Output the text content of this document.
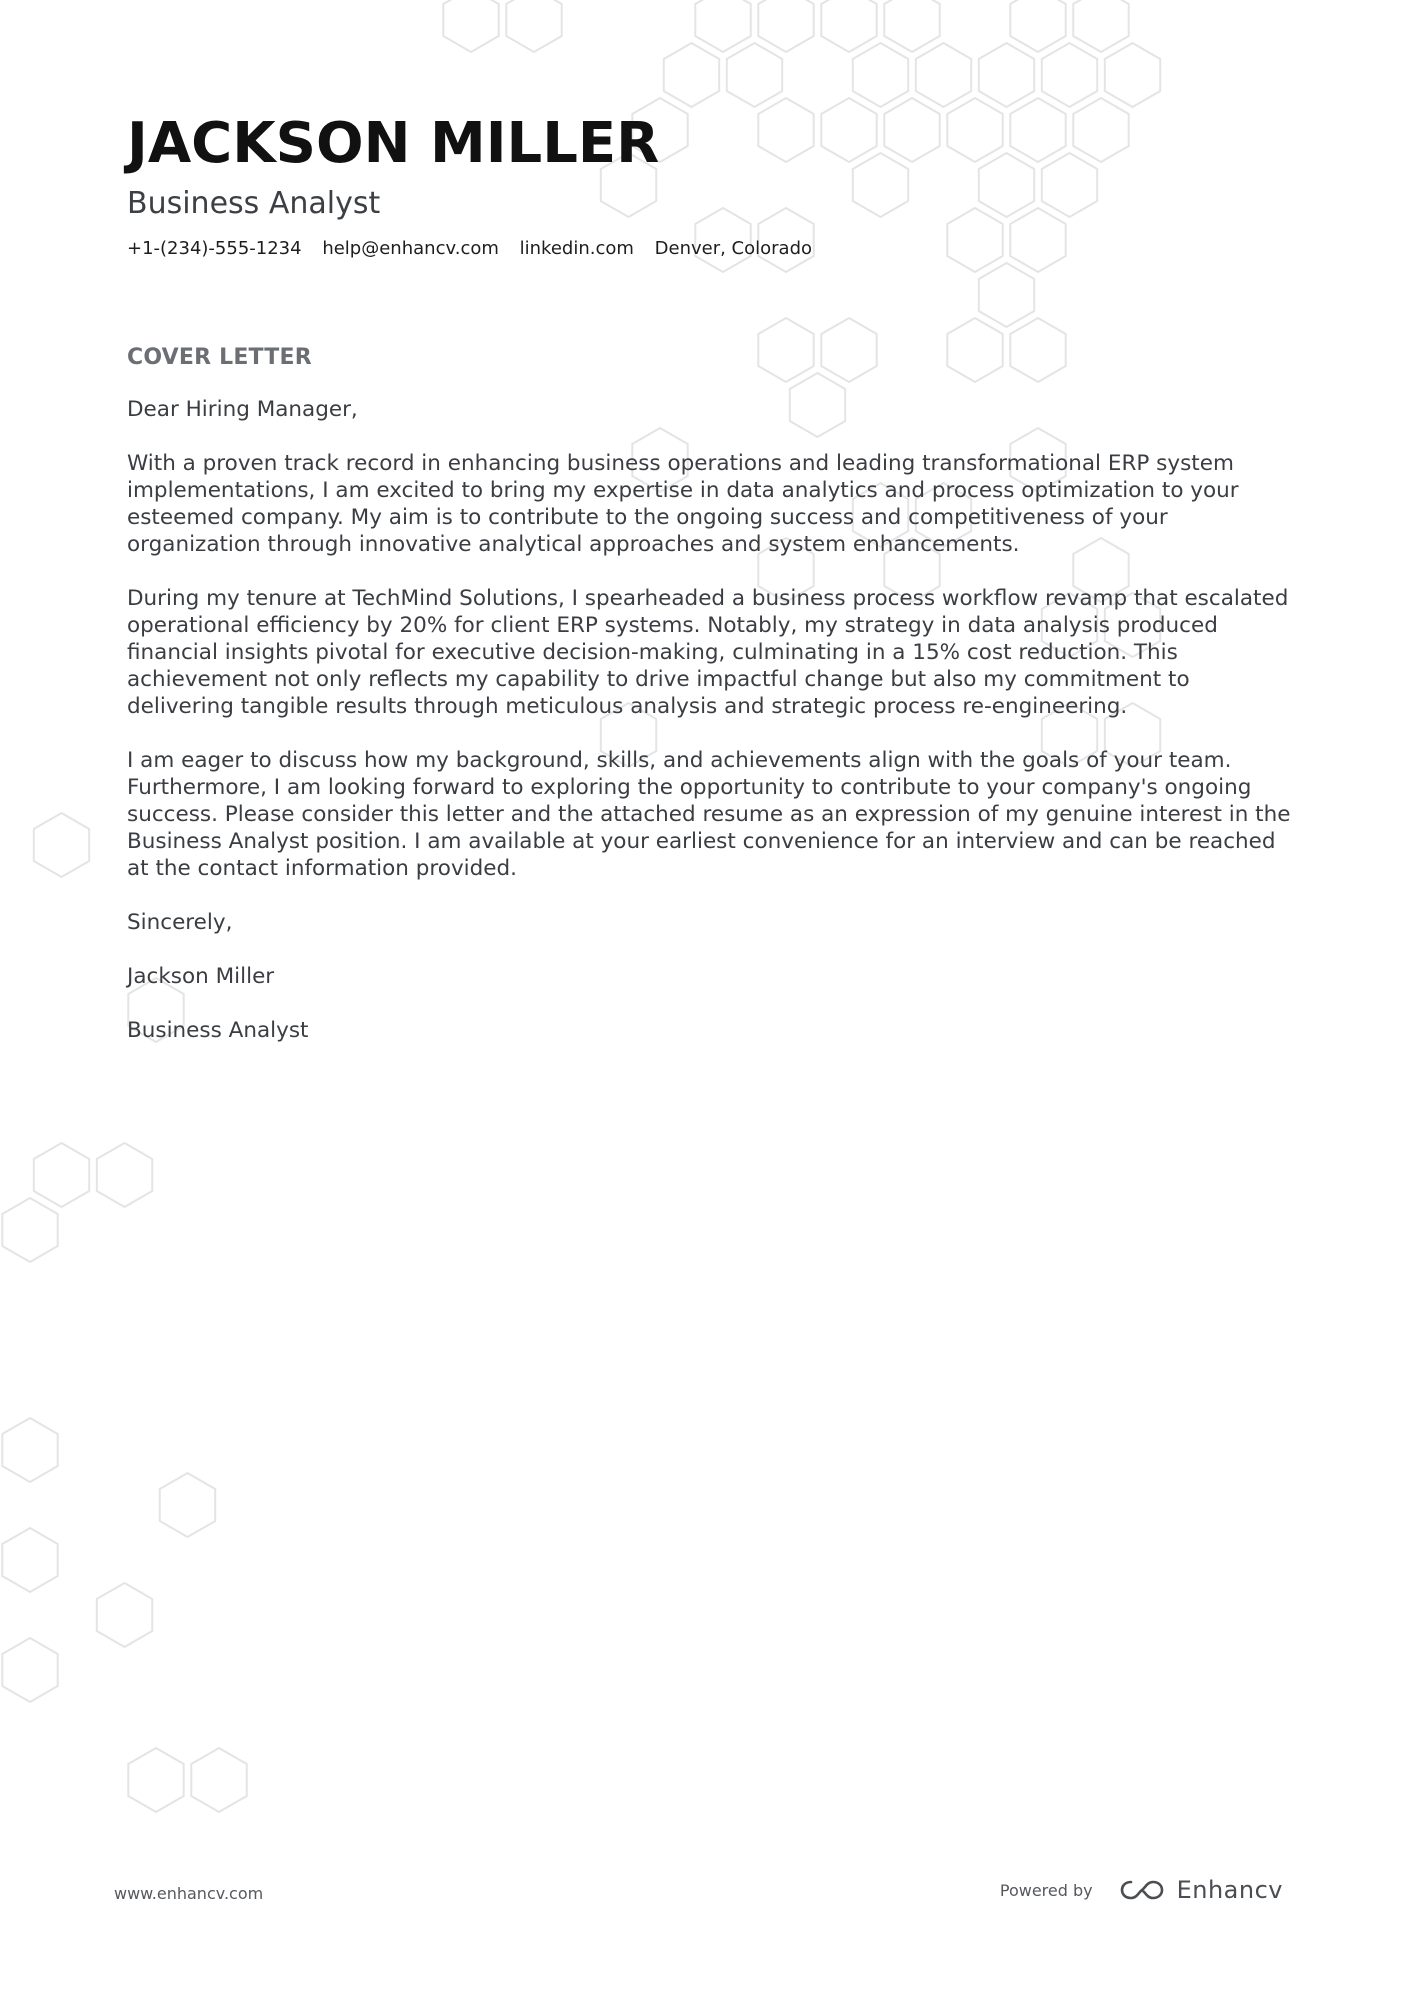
JACKSON MILLER
Business Analyst
+1-(234)-555-1234 help@enhancv.com linkedin.com Denver, Colorado
COVER LETTER

Dear Hiring Manager,

With a proven track record in enhancing business operations and leading transformational ERP system implementations, I am excited to bring my expertise in data analytics and process optimization to your esteemed company. My aim is to contribute to the ongoing success and competitiveness of your organization through innovative analytical approaches and system enhancements.

During my tenure at TechMind Solutions, I spearheaded a business process workflow revamp that escalated operational efficiency by 20% for client ERP systems. Notably, my strategy in data analysis produced financial insights pivotal for executive decision-making, culminating in a 15% cost reduction. This achievement not only reflects my capability to drive impactful change but also my commitment to delivering tangible results through meticulous analysis and strategic process re-engineering.

I am eager to discuss how my background, skills, and achievements align with the goals of your team. Furthermore, I am looking forward to exploring the opportunity to contribute to your company's ongoing success. Please consider this letter and the attached resume as an expression of my genuine interest in the Business Analyst position. I am available at your earliest convenience for an interview and can be reached at the contact information provided.

Sincerely,

Jackson Miller

Business Analyst

www.enhancv.com	Powered by	Enhancv
